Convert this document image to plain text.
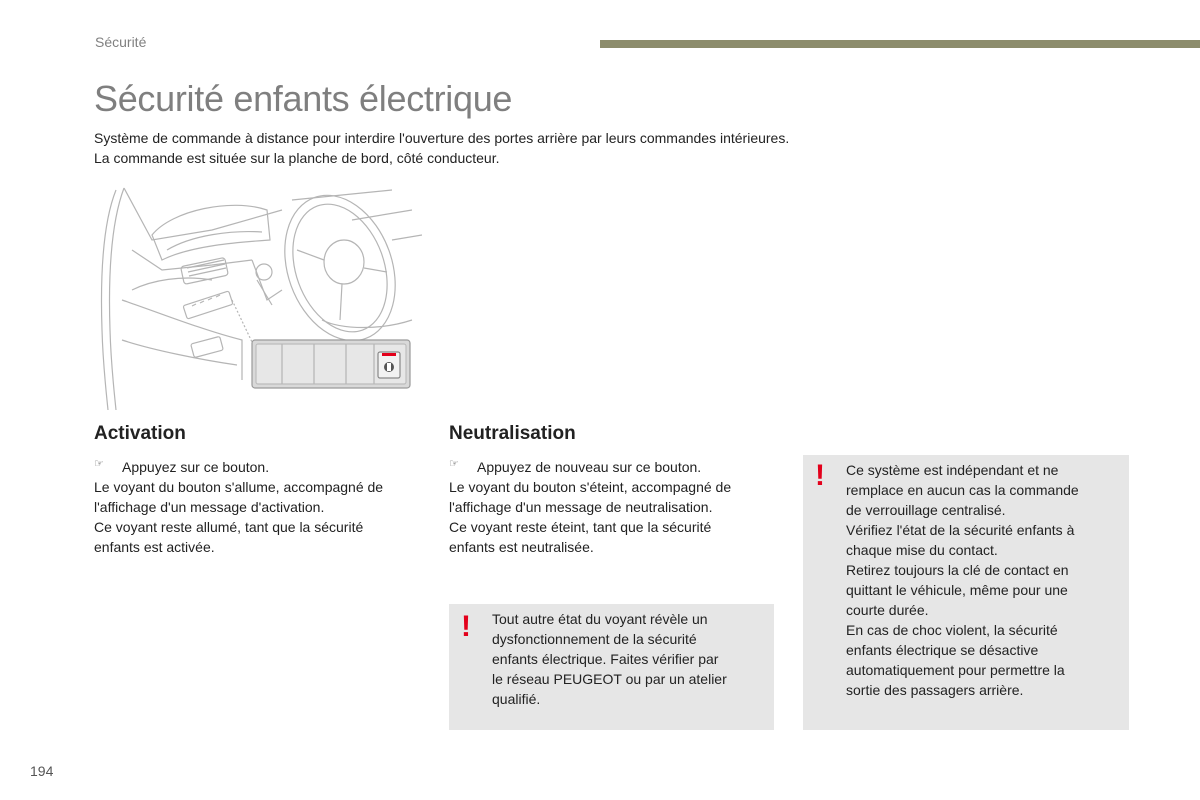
Sécurité
Sécurité enfants électrique
Système de commande à distance pour interdire l'ouverture des portes arrière par leurs commandes intérieures.
La commande est située sur la planche de bord, côté conducteur.
Activation
☞	Appuyez sur ce bouton.

Le voyant du bouton s'allume, accompagné de

l'affichage d'un message d'activation.

Ce voyant reste allumé, tant que la sécurité

enfants est activée.

Neutralisation
☞	Appuyez de nouveau sur ce bouton.

Le voyant du bouton s'éteint, accompagné de

l'affichage d'un message de neutralisation.

Ce voyant reste éteint, tant que la sécurité

enfants est neutralisée.

! Tout autre état du voyant révèle un
dysfonctionnement de la sécurité
enfants électrique. Faites vérifier par
le réseau PEUGEOT ou par un atelier
qualifié.
! Ce système est indépendant et ne
remplace en aucun cas la commande
de verrouillage centralisé.
Vérifiez l'état de la sécurité enfants à
chaque mise du contact.
Retirez toujours la clé de contact en
quittant le véhicule, même pour une
courte durée.
En cas de choc violent, la sécurité
enfants électrique se désactive
automatiquement pour permettre la
sortie des passagers arrière.
194
